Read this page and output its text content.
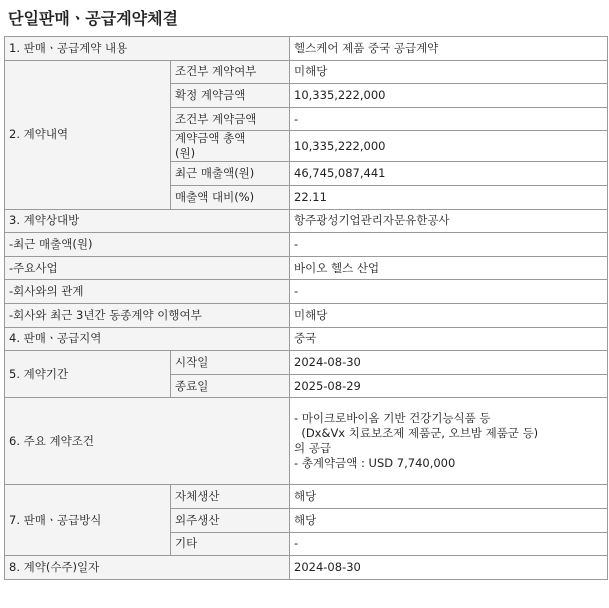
단일판매ㆍ공급계약체결
1. 판매ㆍ공급계약 내용		헬스케어 제품 중국 공급계약
2. 계약내역	조건부 계약여부	미해당
	확정 계약금액	10,335,222,000
	조건부 계약금액	-

	계약금액 총액
(원)	10,335,222,000
	최근 매출액(원)	46,745,087,441
	매출액 대비(%)	22.11
3. 계약상대방		항주광성기업관리자문유한공사
-최근 매출액(원)		-
-주요사업		바이오 헬스 산업
-회사와의 관계		-
-회사와 최근 3년간 동종계약 이행여부		미해당
4. 판매ㆍ공급지역		중국
5. 계약기간	시작일	2024-08-30
	종료일	2025-08-29
6. 주요 계약조건		- 마이크로바이옴 기반 건강기능식품 등
(Dx&Vx 치료보조제 제품군, 오브밤 제품군 등)
의 공급
- 총계약금액 : USD 7,740,000

7. 판매ㆍ공급방식	자체생산	해당
	외주생산	해당
	기타	-
8. 계약(수주)일자		2024-08-30
